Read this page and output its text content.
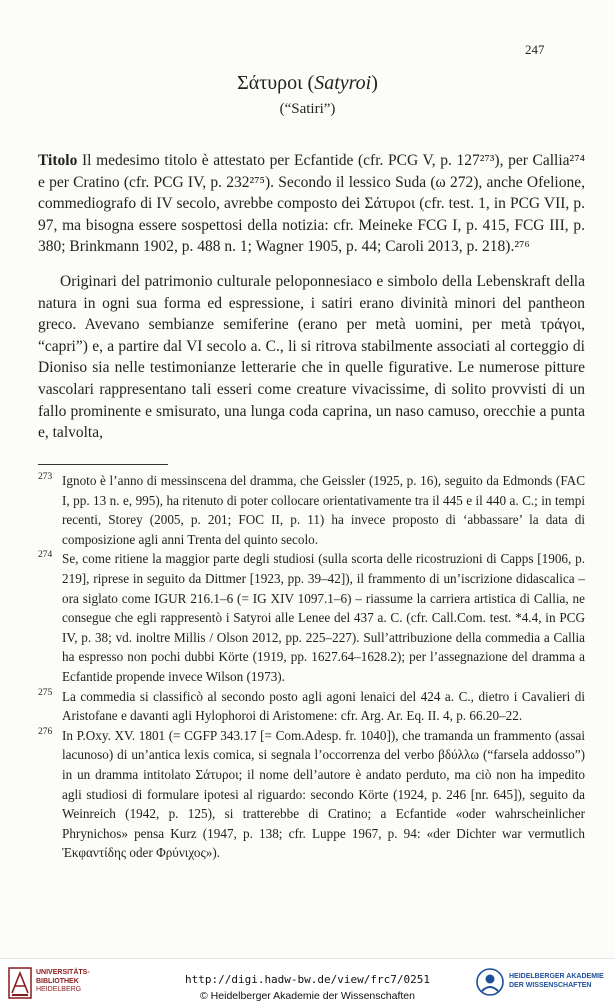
247
Σάτυροι (Satyroi)
(“Satiri”)
Titolo Il medesimo titolo è attestato per Ecfantide (cfr. PCG V, p. 127²⁷³), per Callia²⁷⁴ e per Cratino (cfr. PCG IV, p. 232²⁷⁵). Secondo il lessico Suda (ω 272), anche Ofelione, commediografo di IV secolo, avrebbe composto dei Σάτυροι (cfr. test. 1, in PCG VII, p. 97, ma bisogna essere sospettosi della notizia: cfr. Meineke FCG I, p. 415, FCG III, p. 380; Brinkmann 1902, p. 488 n. 1; Wagner 1905, p. 44; Caroli 2013, p. 218).²⁷⁶
Originari del patrimonio culturale peloponnesiaco e simbolo della Lebenskraft della natura in ogni sua forma ed espressione, i satiri erano divinità minori del pantheon greco. Avevano sembianze semiferine (erano per metà uomini, per metà τράγοι, “capri”) e, a partire dal VI secolo a. C., li si ritrova stabilmente associati al corteggio di Dioniso sia nelle testimonianze letterarie che in quelle figurative. Le numerose pitture vascolari rappresentano tali esseri come creature vivacissime, di solito provvisti di un fallo prominente e smisurato, una lunga coda caprina, un naso camuso, orecchie a punta e, talvolta,
273 Ignoto è l’anno di messinscena del dramma, che Geissler (1925, p. 16), seguito da Edmonds (FAC I, pp. 13 n. e, 995), ha ritenuto di poter collocare orientativamente tra il 445 e il 440 a. C.; in tempi recenti, Storey (2005, p. 201; FOC II, p. 11) ha invece proposto di ‘abbassare’ la data di composizione agli anni Trenta del quinto secolo.
274 Se, come ritiene la maggior parte degli studiosi (sulla scorta delle ricostruzioni di Capps [1906, p. 219], riprese in seguito da Dittmer [1923, pp. 39–42]), il frammento di un’iscrizione didascalica – ora siglato come IGUR 216.1–6 (= IG XIV 1097.1–6) – riassume la carriera artistica di Callia, ne consegue che egli rappresentò i Satyroi alle Lenee del 437 a. C. (cfr. Call.Com. test. *4.4, in PCG IV, p. 38; vd. inoltre Millis / Olson 2012, pp. 225–227). Sull’attribuzione della commedia a Callia ha espresso non pochi dubbi Körte (1919, pp. 1627.64–1628.2); per l’assegnazione del dramma a Ecfantide propende invece Wilson (1973).
275 La commedia si classificò al secondo posto agli agoni lenaici del 424 a. C., dietro i Cavalieri di Aristofane e davanti agli Hylophoroi di Aristomene: cfr. Arg. Ar. Eq. II. 4, p. 66.20–22.
276 In P.Oxy. XV. 1801 (= CGFP 343.17 [= Com.Adesp. fr. 1040]), che tramanda un frammento (assai lacunoso) di un’antica lexis comica, si segnala l’occorrenza del verbo βδύλλω (“farsela addosso”) in un dramma intitolato Σάτυροι; il nome dell’autore è andato perduto, ma ciò non ha impedito agli studiosi di formulare ipotesi al riguardo: secondo Körte (1924, p. 246 [nr. 645]), seguito da Weinreich (1942, p. 125), si tratterebbe di Cratino; a Ecfantide «oder wahrscheinlicher Phrynichos» pensa Kurz (1947, p. 138; cfr. Luppe 1967, p. 94: «der Dichter war vermutlich Ἐκφαντίδης oder Φρύνιχος»).
UNIVERSITÄTS-
BIBLIOTHEK
HEIDELBERG
http://digi.hadw-bw.de/view/frc7/0251
© Heidelberger Akademie der Wissenschaften
HEIDELBERGER AKADEMIE
DER WISSENSCHAFTEN
